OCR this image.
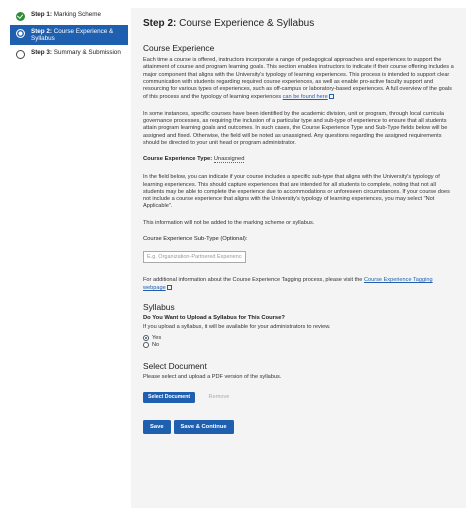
Step 1: Marking Scheme
Step 2: Course Experience & Syllabus
Step 3: Summary & Submission
Step 2: Course Experience & Syllabus
Course Experience

Each time a course is offered, instructors incorporate a range of pedagogical approaches and experiences to support the attainment of course and program learning goals. This section enables instructors to indicate if their course offering includes a major component that aligns with the University's typology of learning experiences. This process is intended to support clear communication with students regarding required course experiences, as well as enable pro-active faculty support and resourcing for various types of experiences, such as off-campus or laboratory-based experiences. A full overview of the goals of this process and the typology of learning experiences can be found here

In some instances, specific courses have been identified by the academic division, unit or program, through local curricula governance processes, as requiring the inclusion of a particular type and sub-type of experience to ensure that all students attain program learning goals and outcomes. In such cases, the Course Experience Type and Sub-Type fields below will be assigned and fixed. Otherwise, the field will be noted as unassigned. Any questions regarding the assigned requirements should be directed to your unit head or program administrator.

Course Experience Type: Unassigned

In the field below, you can indicate if your course includes a specific sub-type that aligns with the University's typology of learning experiences. This should capture experiences that are intended for all students to complete, noting that not all students may be able to complete the experience due to accommodations or unforeseen circumstances. If your course does not include a course experience that aligns with the University's typology of learning experiences, you may select "Not Applicable".

This information will not be added to the marking scheme or syllabus.

Course Experience Sub-Type (Optional):
E.g. Organization-Partnered Experience

For additional information about the Course Experience Tagging process, please visit the Course Experience Tagging webpage

Syllabus
Do You Want to Upload a Syllabus for This Course?

If you upload a syllabus, it will be available for your administrators to review.

Yes
No
Select Document

Please select and upload a PDF version of the syllabus.

Select Document	Remove
Save	Save & Continue
